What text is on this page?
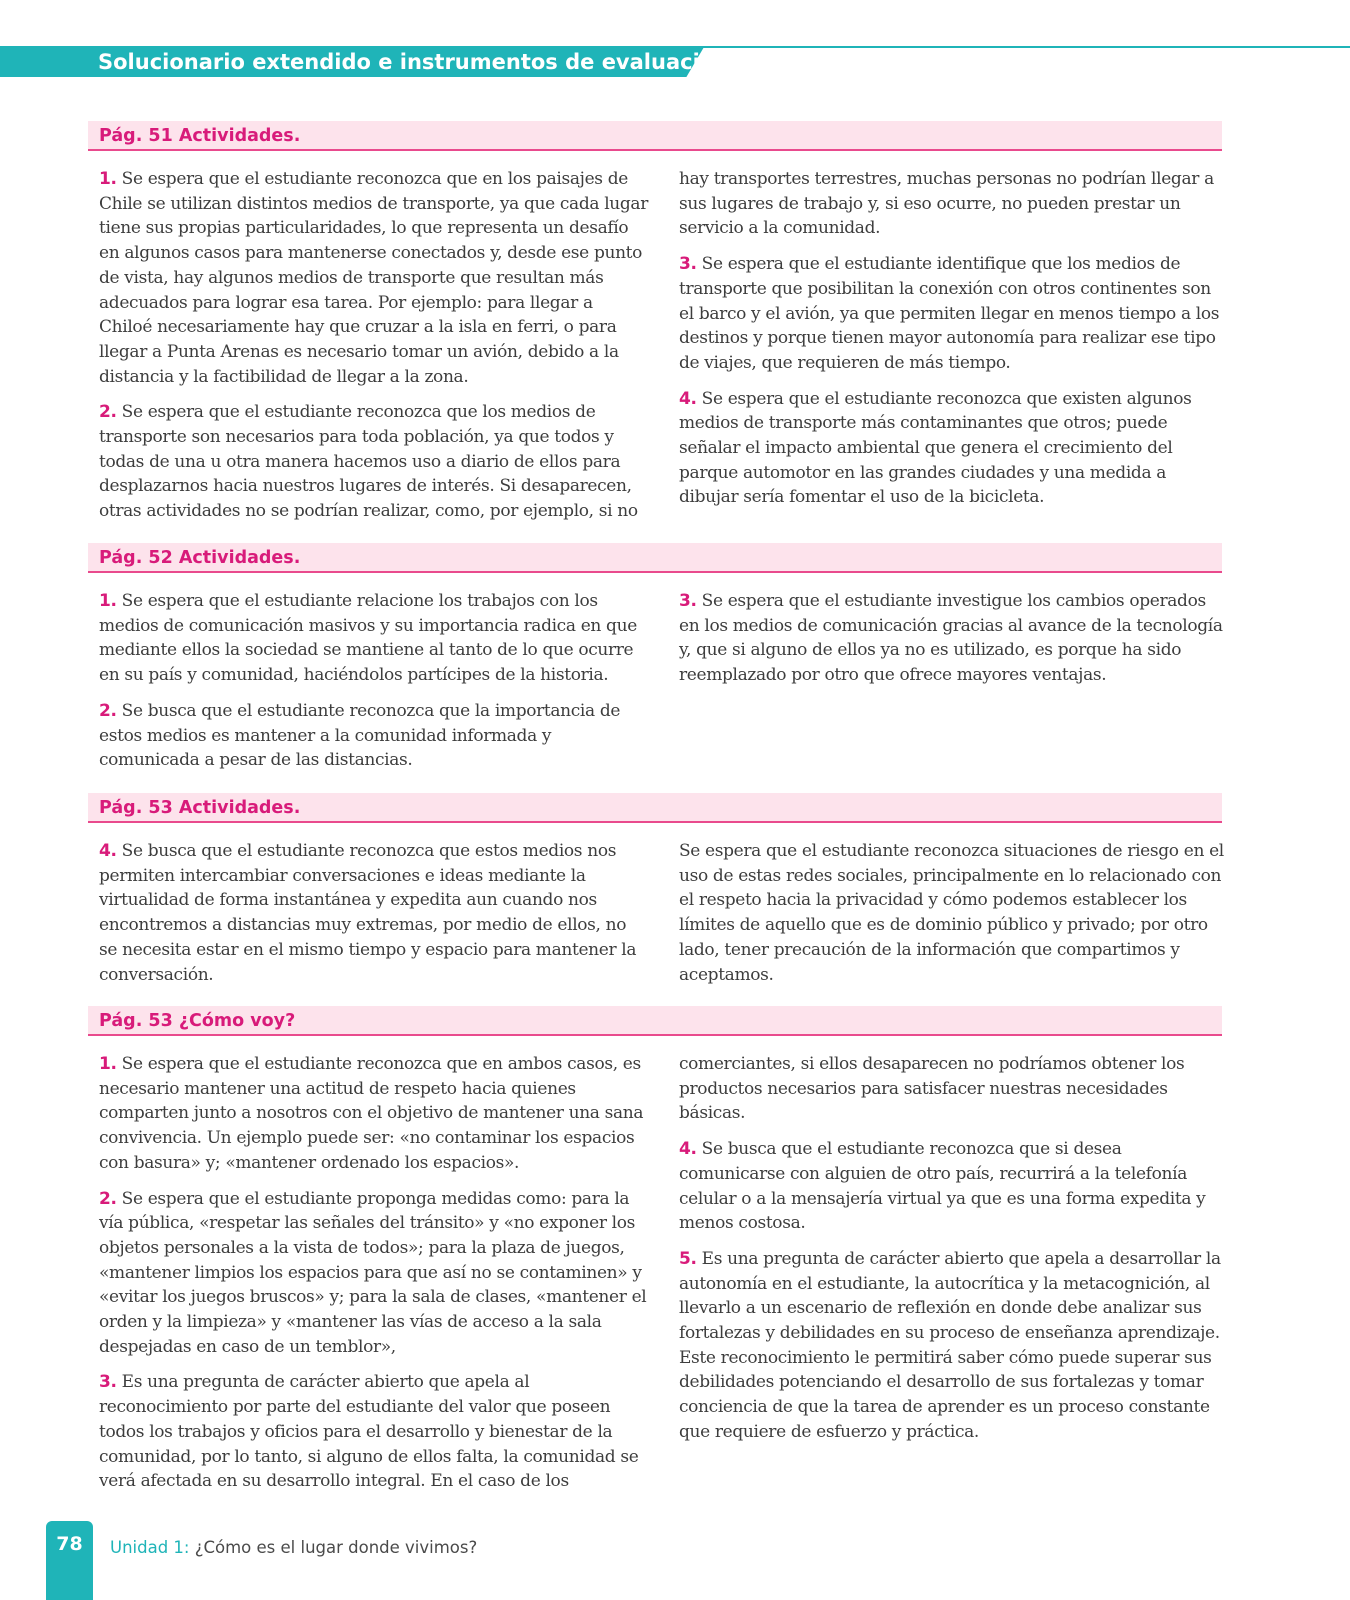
Solucionario extendido e instrumentos de evaluación
Pág. 51 Actividades.

1. Se espera que el estudiante reconozca que en los paisajes de Chile se utilizan distintos medios de transporte, ya que cada lugar tiene sus propias particularidades, lo que representa un desafío en algunos casos para mantenerse conectados y, desde ese punto de vista, hay algunos medios de transporte que resultan más adecuados para lograr esa tarea. Por ejemplo: para llegar a Chiloé necesariamente hay que cruzar a la isla en ferri, o para llegar a Punta Arenas es necesario tomar un avión, debido a la distancia y la factibilidad de llegar a la zona.

2. Se espera que el estudiante reconozca que los medios de transporte son necesarios para toda población, ya que todos y todas de una u otra manera hacemos uso a diario de ellos para desplazarnos hacia nuestros lugares de interés. Si desaparecen, otras actividades no se podrían realizar, como, por ejemplo, si no

hay transportes terrestres, muchas personas no podrían llegar a sus lugares de trabajo y, si eso ocurre, no pueden prestar un servicio a la comunidad.

3. Se espera que el estudiante identifique que los medios de transporte que posibilitan la conexión con otros continentes son el barco y el avión, ya que permiten llegar en menos tiempo a los destinos y porque tienen mayor autonomía para realizar ese tipo de viajes, que requieren de más tiempo.

4. Se espera que el estudiante reconozca que existen algunos medios de transporte más contaminantes que otros; puede señalar el impacto ambiental que genera el crecimiento del parque automotor en las grandes ciudades y una medida a dibujar sería fomentar el uso de la bicicleta.

Pág. 52 Actividades.

1. Se espera que el estudiante relacione los trabajos con los medios de comunicación masivos y su importancia radica en que mediante ellos la sociedad se mantiene al tanto de lo que ocurre en su país y comunidad, haciéndolos partícipes de la historia.

2. Se busca que el estudiante reconozca que la importancia de estos medios es mantener a la comunidad informada y comunicada a pesar de las distancias.

3. Se espera que el estudiante investigue los cambios operados en los medios de comunicación gracias al avance de la tecnología y, que si alguno de ellos ya no es utilizado, es porque ha sido reemplazado por otro que ofrece mayores ventajas.

Pág. 53 Actividades.

4. Se busca que el estudiante reconozca que estos medios nos permiten intercambiar conversaciones e ideas mediante la virtualidad de forma instantánea y expedita aun cuando nos encontremos a distancias muy extremas, por medio de ellos, no se necesita estar en el mismo tiempo y espacio para mantener la conversación.

Se espera que el estudiante reconozca situaciones de riesgo en el uso de estas redes sociales, principalmente en lo relacionado con el respeto hacia la privacidad y cómo podemos establecer los límites de aquello que es de dominio público y privado; por otro lado, tener precaución de la información que compartimos y aceptamos.

Pág. 53 ¿Cómo voy?

1. Se espera que el estudiante reconozca que en ambos casos, es necesario mantener una actitud de respeto hacia quienes comparten junto a nosotros con el objetivo de mantener una sana convivencia. Un ejemplo puede ser: «no contaminar los espacios con basura» y; «mantener ordenado los espacios».

2. Se espera que el estudiante proponga medidas como: para la vía pública, «respetar las señales del tránsito» y «no exponer los objetos personales a la vista de todos»; para la plaza de juegos, «mantener limpios los espacios para que así no se contaminen» y «evitar los juegos bruscos» y; para la sala de clases, «mantener el orden y la limpieza» y «mantener las vías de acceso a la sala despejadas en caso de un temblor»,

3. Es una pregunta de carácter abierto que apela al reconocimiento por parte del estudiante del valor que poseen todos los trabajos y oficios para el desarrollo y bienestar de la comunidad, por lo tanto, si alguno de ellos falta, la comunidad se verá afectada en su desarrollo integral. En el caso de los

comerciantes, si ellos desaparecen no podríamos obtener los productos necesarios para satisfacer nuestras necesidades básicas.

4. Se busca que el estudiante reconozca que si desea comunicarse con alguien de otro país, recurrirá a la telefonía celular o a la mensajería virtual ya que es una forma expedita y menos costosa.

5. Es una pregunta de carácter abierto que apela a desarrollar la autonomía en el estudiante, la autocrítica y la metacognición, al llevarlo a un escenario de reflexión en donde debe analizar sus fortalezas y debilidades en su proceso de enseñanza aprendizaje. Este reconocimiento le permitirá saber cómo puede superar sus debilidades potenciando el desarrollo de sus fortalezas y tomar conciencia de que la tarea de aprender es un proceso constante que requiere de esfuerzo y práctica.

78	Unidad 1: ¿Cómo es el lugar donde vivimos?
